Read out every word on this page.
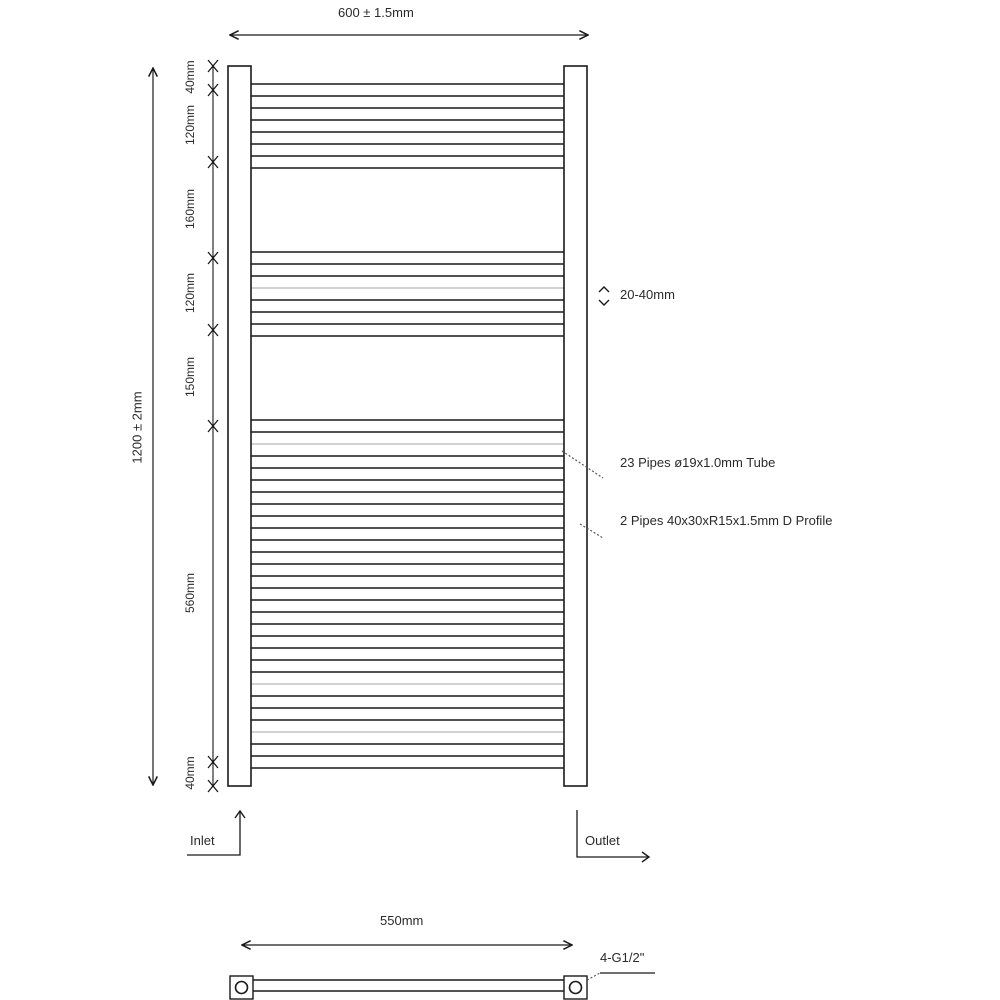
600 ± 1.5mm
1200 ± 2mm
40mm
120mm
160mm
120mm
150mm
560mm
40mm
20-40mm
23 Pipes ø19x1.0mm Tube
2 Pipes 40x30xR15x1.5mm D Profile
Inlet	Outlet
550mm
4-G1/2"
